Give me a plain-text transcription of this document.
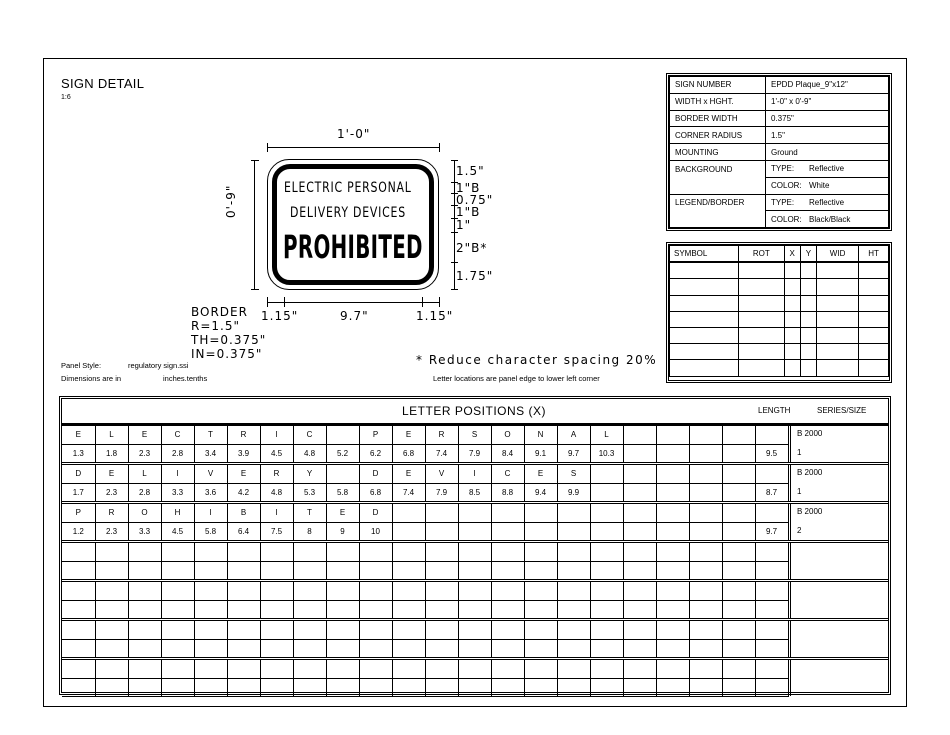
SIGN DETAIL
1:6
SIGN NUMBER	EPDD Plaque_9"x12"
WIDTH x HGHT.	1'-0" x 0'-9"
BORDER WIDTH	0.375"
CORNER RADIUS	1.5"
MOUNTING	Ground
BACKGROUND	TYPE: Reflective
	COLOR: White
LEGEND/BORDER	TYPE: Reflective
	COLOR: Black/Black
SYMBOL	ROT	X	Y	WID	HT

ELECTRIC PERSONAL
DELIVERY DEVICES
PROHIBITED
1'-0"
0'-9"
1.5"
1"B
0.75"
1"B
1"
2"B*
1.75"
1.15"	9.7"	1.15"
BORDER
R=1.5"
TH=0.375"
IN=0.375"
Panel Style:	regulatory sign.ssi
Dimensions are in	inches.tenths
* Reduce character spacing 20%
Letter locations are panel edge to lower left corner
LETTER POSITIONS (X)	LENGTH	SERIES/SIZE
E	L	E	C	T	R	I	C		P	E	R	S	O	N	A	L					
1.3	1.8	2.3	2.8	3.4	3.9	4.5	4.8	5.2	6.2	6.8	7.4	7.9	8.4	9.1	9.7	10.3					9.5
B 2000
1
D	E	L	I	V	E	R	Y		D	E	V	I	C	E	S						
1.7	2.3	2.8	3.3	3.6	4.2	4.8	5.3	5.8	6.8	7.4	7.9	8.5	8.8	9.4	9.9						8.7
B 2000
1
P	R	O	H	I	B	I	T	E	D												
1.2	2.3	3.3	4.5	5.8	6.4	7.5	8	9	10												9.7
B 2000
2
